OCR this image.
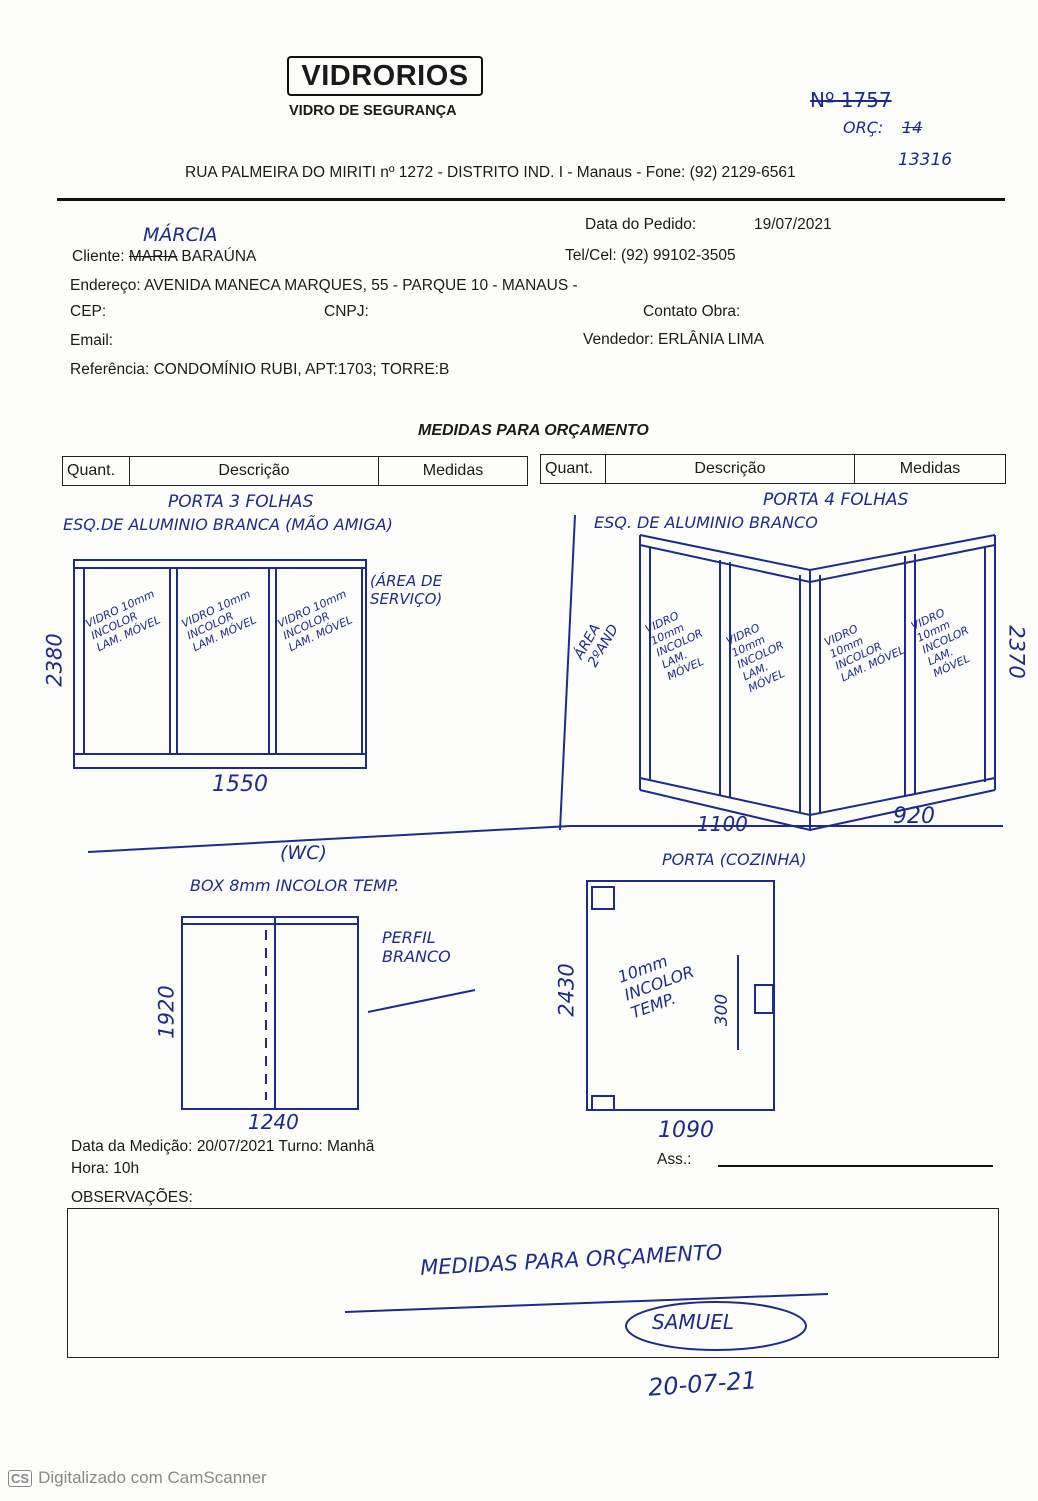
VIDRORIOS
VIDRO DE SEGURANÇA	Nº 1757
ORÇ: 14
13316
RUA PALMEIRA DO MIRITI nº 1272 - DISTRITO IND. I - Manaus - Fone: (92) 2129-6561
MÁRCIA
Cliente: MARIA BARAÚNA
Data do Pedido:	19/07/2021
Tel/Cel: (92) 99102-3505
Endereço: AVENIDA MANECA MARQUES, 55 - PARQUE 10 - MANAUS -
CEP:	CNPJ:	Contato Obra:
Email:	Vendedor: ERLÂNIA LIMA
Referência: CONDOMÍNIO RUBI, APT:1703; TORRE:B
MEDIDAS PARA ORÇAMENTO
Quant.	Descrição	Medidas	Quant.	Descrição	Medidas
PORTA 3 FOLHAS
ESQ.DE ALUMINIO BRANCA (MÃO AMIGA)
VIDRO 10mm INCOLOR LAM. MÓVEL
VIDRO 10mm INCOLOR LAM. MÓVEL
VIDRO 10mm INCOLOR LAM. MÓVEL
(ÁREA DE SERVIÇO)
2380
1550
PORTA 4 FOLHAS
ESQ. DE ALUMINIO BRANCO
VIDRO 10mm INCOLOR LAM. MÓVEL
VIDRO 10mm INCOLOR LAM. MÓVEL
VIDRO 10mm INCOLOR LAM. MÓVEL
VIDRO 10mm INCOLOR LAM. MÓVEL
ÁREA 2ºAND	2370
1100	920
(WC)
BOX 8mm INCOLOR TEMP.
PERFIL BRANCO
1920
1240
PORTA (COZINHA)
10mm INCOLOR TEMP.	300
2430
1090
Data da Medição: 20/07/2021 Turno: Manhã
Hora: 10h
Ass.:
OBSERVAÇÕES:
MEDIDAS PARA ORÇAMENTO
SAMUEL
20-07-21
CS Digitalizado com CamScanner
